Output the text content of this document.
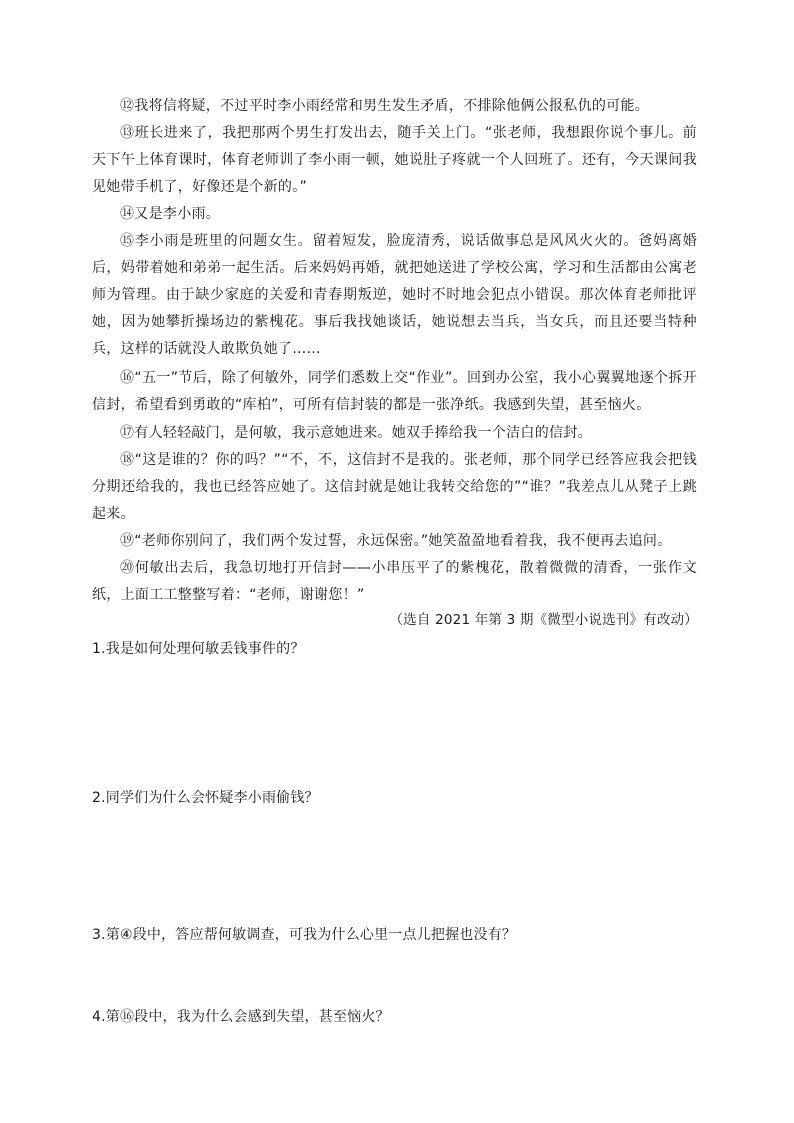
⑫我将信将疑，不过平时李小雨经常和男生发生矛盾，不排除他俩公报私仇的可能。

⑬班长进来了，我把那两个男生打发出去，随手关上门。“张老师，我想跟你说个事儿。前天下午上体育课时，体育老师训了李小雨一顿，她说肚子疼就一个人回班了。还有，今天课间我见她带手机了，好像还是个新的。”

⑭又是李小雨。

⑮李小雨是班里的问题女生。留着短发，脸庞清秀，说话做事总是风风火火的。爸妈离婚后，妈带着她和弟弟一起生活。后来妈妈再婚，就把她送进了学校公寓，学习和生活都由公寓老师为管理。由于缺少家庭的关爱和青春期叛逆，她时不时地会犯点小错误。那次体育老师批评她，因为她攀折操场边的紫槐花。事后我找她谈话，她说想去当兵，当女兵，而且还要当特种兵，这样的话就没人敢欺负她了……

⑯“五一”节后，除了何敏外，同学们悉数上交“作业”。回到办公室，我小心翼翼地逐个拆开信封，希望看到勇敢的“库柏”，可所有信封装的都是一张净纸。我感到失望，甚至恼火。

⑰有人轻轻敲门，是何敏，我示意她进来。她双手捧给我一个洁白的信封。

⑱“这是谁的？你的吗？”“不，不，这信封不是我的。张老师，那个同学已经答应我会把钱分期还给我的，我也已经答应她了。这信封就是她让我转交给您的”“谁？”我差点儿从凳子上跳起来。

⑲“老师你别问了，我们两个发过誓，永远保密。”她笑盈盈地看着我，我不便再去追问。

⑳何敏出去后，我急切地打开信封——小串压平了的紫槐花，散着微微的清香，一张作文纸，上面工工整整写着：“老师，谢谢您！”

（选自 2021 年第 3 期《微型小说选刊》有改动）

1.我是如何处理何敏丢钱事件的？

2.同学们为什么会怀疑李小雨偷钱？

3.第④段中，答应帮何敏调查，可我为什么心里一点儿把握也没有？

4.第⑯段中，我为什么会感到失望，甚至恼火？
